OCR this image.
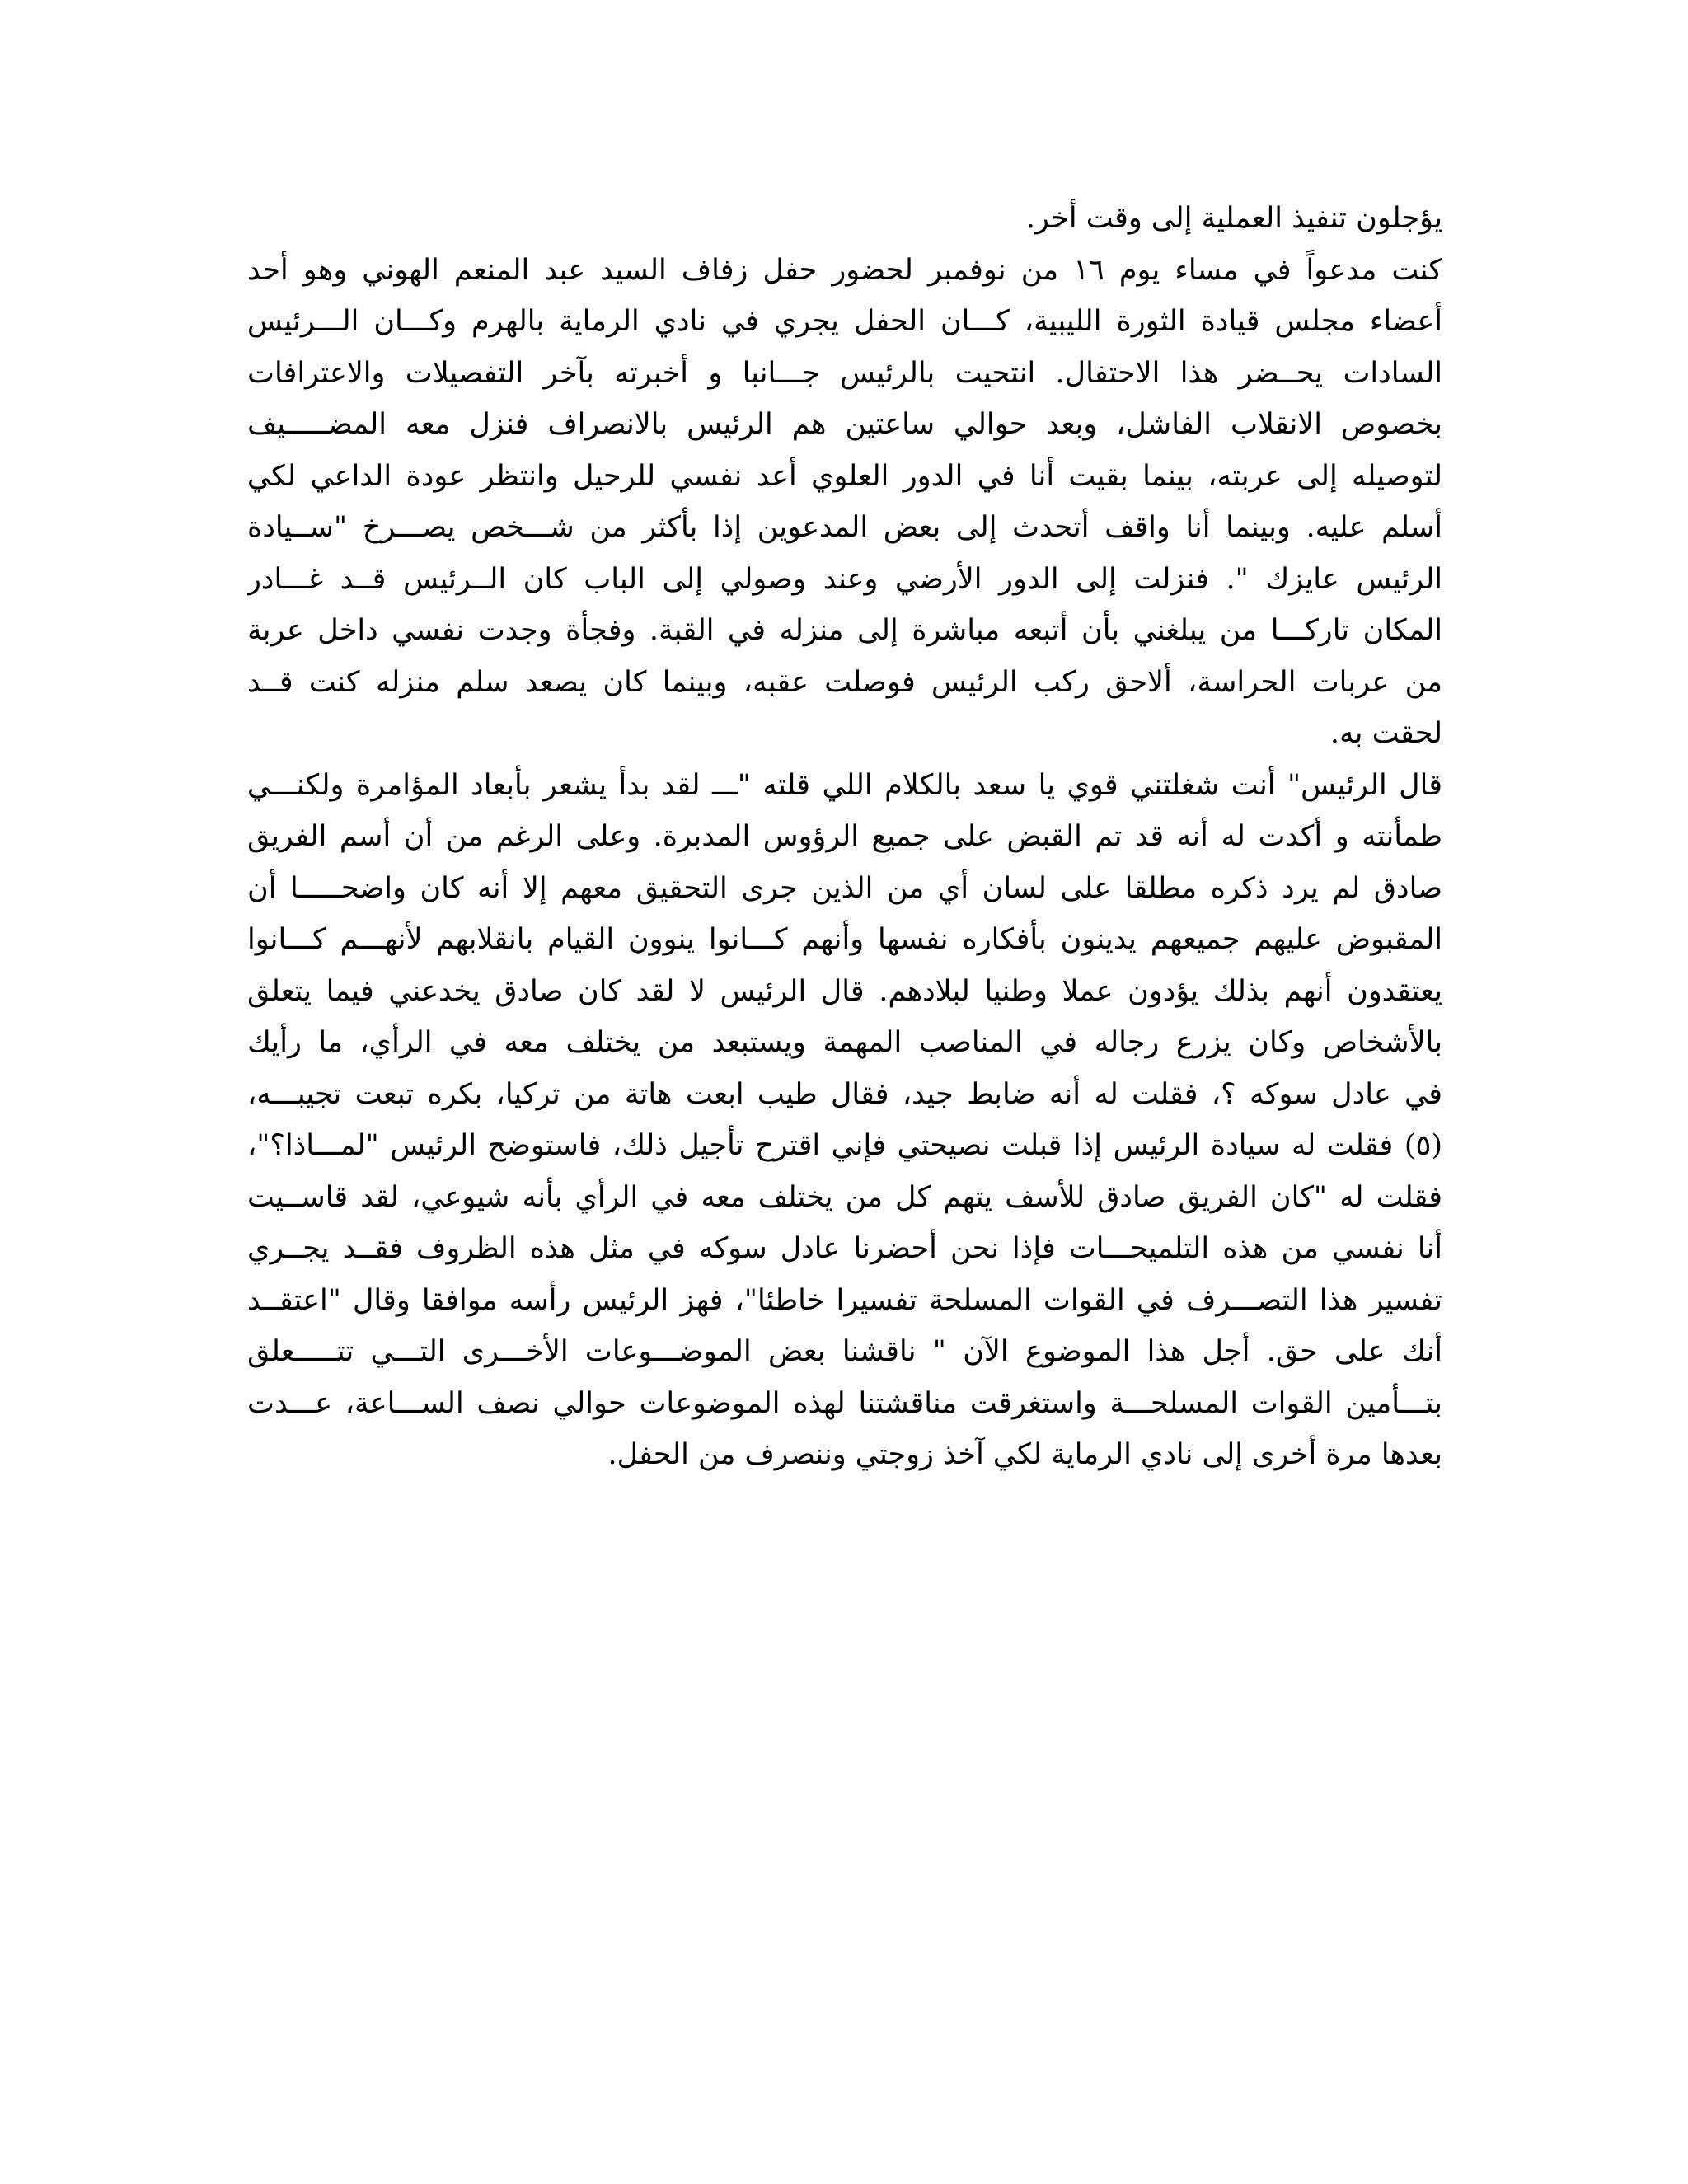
يؤجلون تنفيذ العملية إلى وقت أخر.
كنت مدعواً في مساء يوم ١٦ من نوفمبر لحضور حفل زفاف السيد عبد المنعم الهوني وهو أحد
أعضاء مجلس قيادة الثورة الليبية، كـــان الحفل يجري في نادي الرماية بالهرم وكـــان الـــرئيس
السادات يحــضر هذا الاحتفال. انتحيت بالرئيس جـــانبا و أخبرته بآخر التفصيلات والاعترافات
بخصوص الانقلاب الفاشل، وبعد حوالي ساعتين هم الرئيس بالانصراف فنزل معه المضـــــيف
لتوصيله إلى عربته، بينما بقيت أنا في الدور العلوي أعد نفسي للرحيل وانتظر عودة الداعي لكي
أسلم عليه. وبينما أنا واقف أتحدث إلى بعض المدعوين إذا بأكثر من شـــخص يصـــرخ "ســيادة
الرئيس عايزك ". فنزلت إلى الدور الأرضي وعند وصولي إلى الباب كان الــرئيس قــد غـــادر
المكان تاركـــا من يبلغني بأن أتبعه مباشرة إلى منزله في القبة. وفجأة وجدت نفسي داخل عربة
من عربات الحراسة، ألاحق ركب الرئيس فوصلت عقبه، وبينما كان يصعد سلم منزله كنت قــد
لحقت به.
قال الرئيس" أنت شغلتني قوي يا سعد بالكلام اللي قلته "ـــ لقد بدأ يشعر بأبعاد المؤامرة ولكنـــي
طمأنته و أكدت له أنه قد تم القبض على جميع الرؤوس المدبرة. وعلى الرغم من أن أسم الفريق
صادق لم يرد ذكره مطلقا على لسان أي من الذين جرى التحقيق معهم إلا أنه كان واضحـــــا أن
المقبوض عليهم جميعهم يدينون بأفكاره نفسها وأنهم كـــانوا ينوون القيام بانقلابهم لأنهـــم كـــانوا
يعتقدون أنهم بذلك يؤدون عملا وطنيا لبلادهم. قال الرئيس لا لقد كان صادق يخدعني فيما يتعلق
بالأشخاص وكان يزرع رجاله في المناصب المهمة ويستبعد من يختلف معه في الرأي، ما رأيك
في عادل سوكه ؟، فقلت له أنه ضابط جيد، فقال طيب ابعت هاتة من تركيا، بكره تبعت تجيبـــه،
(٥) فقلت له سيادة الرئيس إذا قبلت نصيحتي فإني اقترح تأجيل ذلك، فاستوضح الرئيس "لمـــاذا؟"،
فقلت له "كان الفريق صادق للأسف يتهم كل من يختلف معه في الرأي بأنه شيوعي، لقد قاســيت
أنا نفسي من هذه التلميحـــات فإذا نحن أحضرنا عادل سوكه في مثل هذه الظروف فقــد يجــري
تفسير هذا التصـــرف في القوات المسلحة تفسيرا خاطئا"، فهز الرئيس رأسه موافقا وقال "اعتقــد
أنك على حق. أجل هذا الموضوع الآن " ناقشنا بعض الموضـــوعات الأخـــرى التـــي تتـــــعلق
بتـــأمين القوات المسلحـــة واستغرقت مناقشتنا لهذه الموضوعات حوالي نصف الســـاعة، عـــدت
بعدها مرة أخرى إلى نادي الرماية لكي آخذ زوجتي وننصرف من الحفل.
